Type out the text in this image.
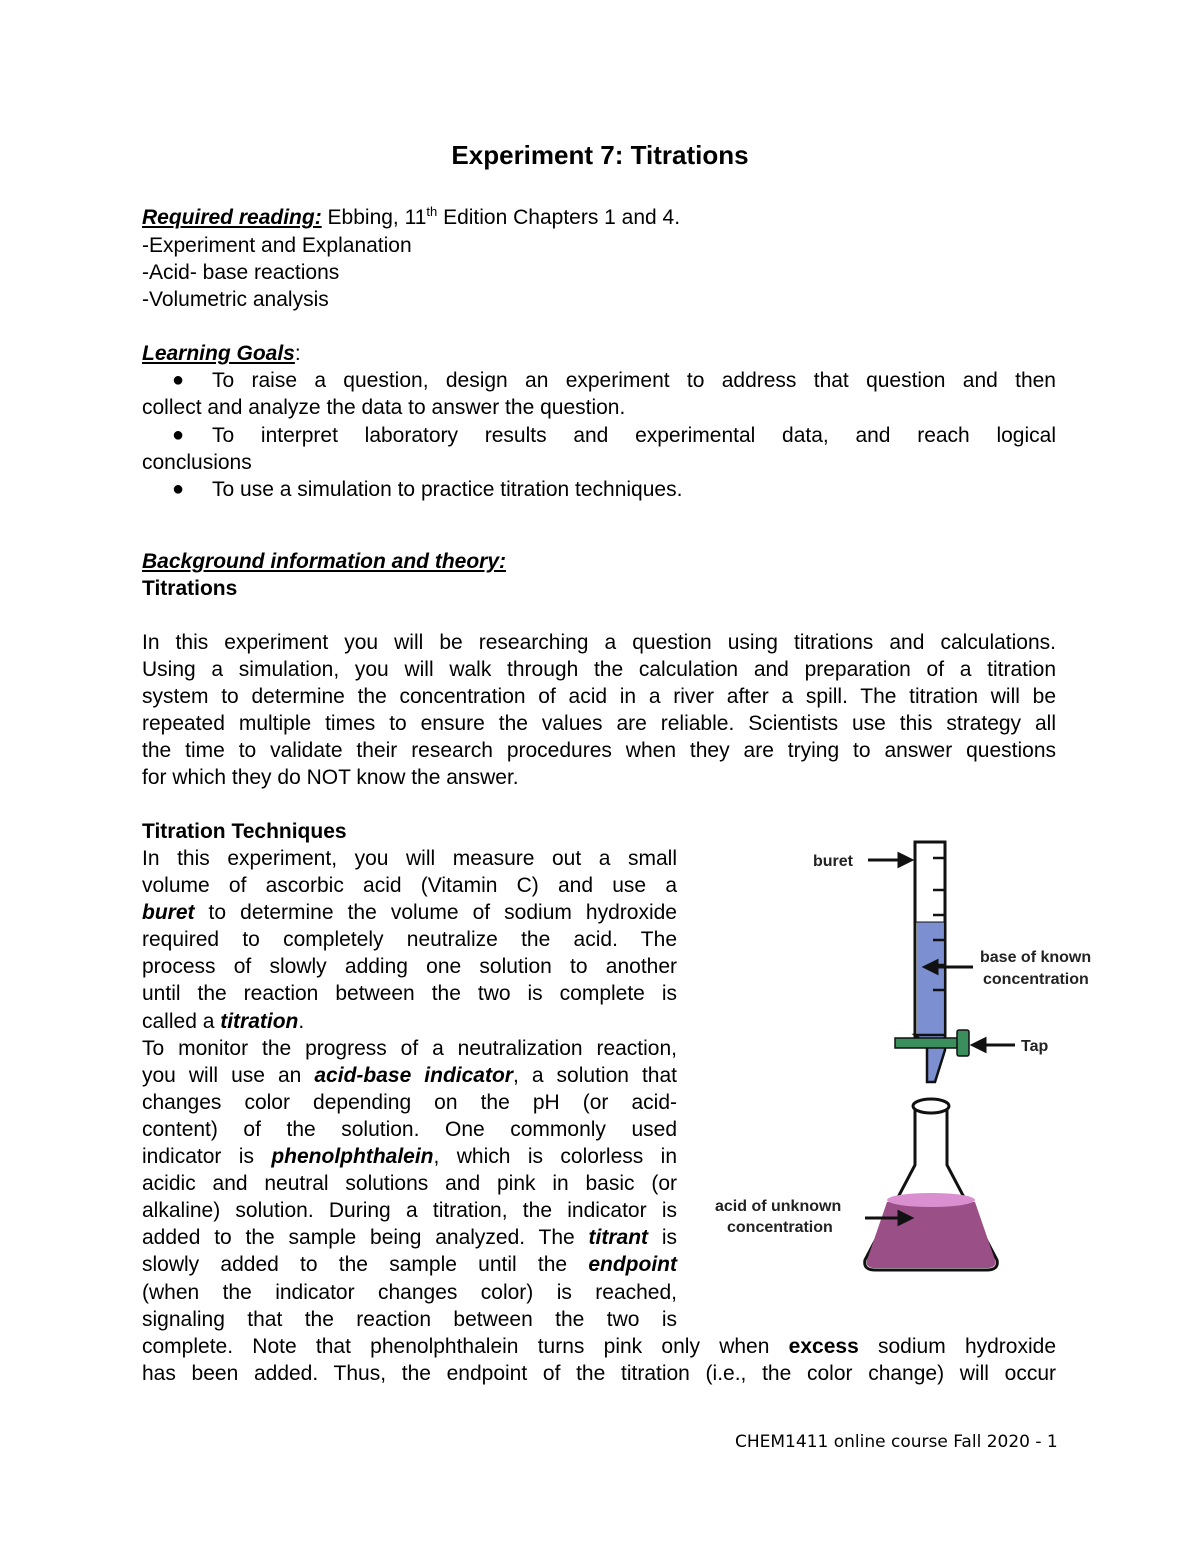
Experiment 7: Titrations
Required reading: Ebbing, 11th Edition Chapters 1 and 4.
-Experiment and Explanation
-Acid- base reactions
-Volumetric analysis
Learning Goals:
● To raise a question, design an experiment to address that question and then
collect and analyze the data to answer the question.
● To interpret laboratory results and experimental data, and reach logical
conclusions
● To use a simulation to practice titration techniques.
Background information and theory:
Titrations
In this experiment you will be researching a question using titrations and calculations.
Using a simulation, you will walk through the calculation and preparation of a titration
system to determine the concentration of acid in a river after a spill. The titration will be
repeated multiple times to ensure the values are reliable. Scientists use this strategy all
the time to validate their research procedures when they are trying to answer questions
for which they do NOT know the answer.
Titration Techniques
In this experiment, you will measure out a small
volume of ascorbic acid (Vitamin C) and use a
buret to determine the volume of sodium hydroxide
required to completely neutralize the acid. The
process of slowly adding one solution to another
until the reaction between the two is complete is
called a titration.
To monitor the progress of a neutralization reaction,
you will use an acid-base indicator, a solution that
changes color depending on the pH (or acid-
content) of the solution. One commonly used
indicator is phenolphthalein, which is colorless in
acidic and neutral solutions and pink in basic (or
alkaline) solution. During a titration, the indicator is
added to the sample being analyzed. The titrant is
slowly added to the sample until the endpoint
(when the indicator changes color) is reached,
signaling that the reaction between the two is
complete. Note that phenolphthalein turns pink only when excess sodium hydroxide
has been added. Thus, the endpoint of the titration (i.e., the color change) will occur
buret
base of known
concentration
Tap
acid of unknown
concentration
CHEM1411 online course Fall 2020 - 1
